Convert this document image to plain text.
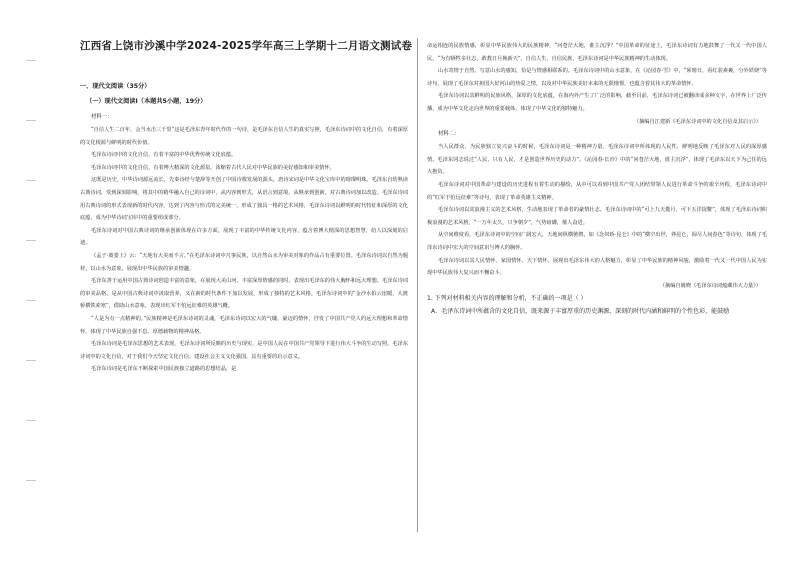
江西省上饶市沙溪中学2024-2025学年高三上学期十二月语文测试卷
一、现代文阅读（35分）
（一）现代文阅读Ⅰ（本题共5小题，19分）
材料一：

“自信人生二百年，会当水击三千里”这是毛泽东青年时代作的一句诗，是毛泽东自信人生的真实写照，毛泽东诗词中的文化自信，有着深厚的文化根源与鲜明的时代价值。

毛泽东诗词中的文化自信，有着丰富的中华优秀传统文化底蕴。

毛泽东诗词中的文化自信，有着博大精深的文化源泉。浓缩着古代人民对中华民族的美好感知和审美情怀。

这既是历史，中华诗词源远流长，先秦诗经与楚辞等开创了中国诗歌发展的源头，唐诗宋词是中华文化宝库中的璀璨明珠。毛泽东自幼熟读古典诗词，受到深刻影响，将其中的精华融入自己的诗词中，从内容到形式，从语言到意境，从继承到创新，对古典诗词加以改造。毛泽东诗词用古典诗词的形式表现新的时代内容，达到了内容与形式的完美统一，形成了独具一格的艺术风格，毛泽东诗词以鲜明的时代特征和深厚的文化底蕴，成为中华诗词宝库中的重要组成部分。

毛泽东诗词对中国古典诗词的继承创新体现在许多方面，展现了丰富的中华传统文化内容，蕴含着博大精深的思想智慧，给人以深刻的启迪。

《孟子·离娄上》云：“天地有大美而不言。”在毛泽东诗词中凡事民族，以自然山水为审美对象的作品占有重要位置。毛泽东诗词以自然为题材，以山水为意象，展现出中华民族的审美情趣。

毛泽东善于运用中国古典诗词创造丰富的意象，在展现大美山河、丰富深厚情感的同时，表现出毛泽东的伟大胸怀和远大理想。毛泽东诗词的审美品格，是从中国古典诗词中汲取营养，又在新的时代条件下加以发展，形成了独特的艺术风格。毛泽东诗词中的“金沙水拍云崖暖，大渡桥横铁索寒”，借助山水意象，表现出红军不怕远征难的英雄气概。

“人是为有一点精神的。”民族精神是毛泽东诗词的灵魂，毛泽东诗词以宏大的气魄、豪迈的情怀，抒发了中国共产党人的远大理想和革命情怀，体现了中华民族自强不息、厚德载物的精神品格。

毛泽东诗词是毛泽东思想的艺术表现，毛泽东诗词所反映的历史与现实，是中国人民在中国共产党领导下进行伟大斗争的生动写照。毛泽东诗词中的文化自信，对于我们今天坚定文化自信、建设社会主义文化强国，具有重要的启示意义。

毛泽东诗词是毛泽东不断探索中国民族独立道路的思想结晶，是

命运相连的民族情感，彰显中华民族伟大的民族精神，“问苍茫大地，谁主沉浮？”中国革命的征途上，毛泽东诗词有力地鼓舞了一代又一代中国人民。“为有牺牲多壮志，敢教日月换新天”，自信人生、自信民族，毛泽东诗词是中华民族精神的生动体现。

山水寄情于自然，写意山水的感知，恰是与情感相联系的。毛泽东诗词中的山水意象，在《沁园春·雪》中，“须晴日，看红装素裹，分外妖娆”等诗句，展现了毛泽东对祖国大好河山的热爱之情，以及对中华民族美好未来的无限憧憬，也蕴含着其伟大的革命情怀。

毛泽东诗词以其鲜明的民族风格，深厚的文化底蕴，在海内外产生了广泛的影响。截至目前，毛泽东诗词已被翻译成多种文字，在世界上广泛传播，成为中华文化走向世界的重要载体，体现了中华文化的独特魅力。

（摘编自江建新《毛泽东诗词中的文化自信及其启示》）

材料二：

当人民群众、为民族独立复兴奋斗的时候，毛泽东诗词是一种精神力量，毛泽东诗词中所体现的人民性，鲜明地反映了毛泽东对人民的深厚感情。毛泽东同志说过“人民，只有人民，才是创造世界历史的动力”。《沁园春·长沙》中的“问苍茫大地，谁主沉浮”，体现了毛泽东以天下为己任的远大抱负。

毛泽东诗词对中国革命与建设的历史进程有着生动的描绘，从中可以看到中国共产党人团结带领人民进行革命斗争的艰辛历程，毛泽东诗词中的“红军不怕远征难”等诗句，表现了革命英雄主义精神。

毛泽东诗词以其浪漫主义的艺术风格，生动地表现了革命者的豪情壮志。毛泽东诗词中的“可上九天揽月，可下五洋捉鳖”，体现了毛泽东诗词积极浪漫的艺术风格，“一万年太久，只争朝夕”，气势磅礴，催人奋进。

从空间维度看，毛泽东诗词中的空间广阔宏大，天地间纵横驰骋，如《念奴娇·昆仑》中的“横空出世，莽昆仑，阅尽人间春色”等诗句，体现了毛泽东诗词中宏大的空间意识与博大的胸怀。

毛泽东诗词以其人民情怀、家国情怀、天下情怀，展现出毛泽东伟大的人格魅力，彰显了中华民族的精神风貌，激励着一代又一代中国人民为实现中华民族伟大复兴而不懈奋斗。

（摘编自姚晓《毛泽东诗词蕴藏伟大力量》）

1. 下列对材料相关内容的理解和分析，不正确的一项是（ ）
A．毛泽东诗词中所蕴含的文化自信，既来源于丰富厚重的历史渊源，深刻的时代内涵和鲜明的个性色彩，能鼓励
